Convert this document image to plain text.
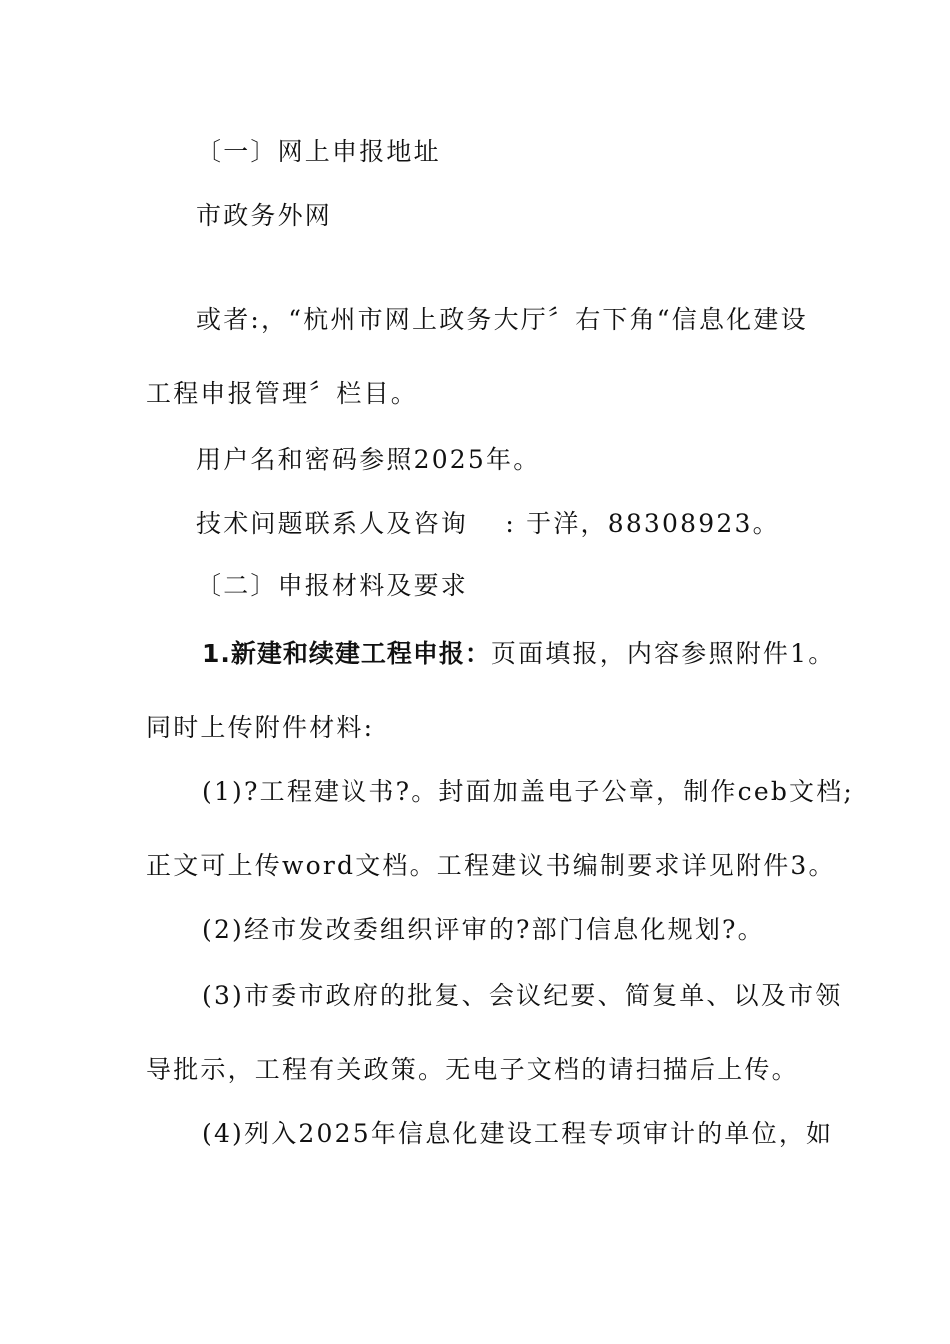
〔一〕网上申报地址
市政务外网
或者:，“杭州市网上政务大厅〞右下角“信息化建设
工程申报管理〞栏目。
用户名和密码参照2025年。
技术问题联系人及咨询　 : 于洋，88308923。
〔二〕申报材料及要求
1.新建和续建工程申报：页面填报，内容参照附件1。
同时上传附件材料:
(1)?工程建议书?。封面加盖电子公章，制作ceb文档;
正文可上传word文档。工程建议书编制要求详见附件3。
(2)经市发改委组织评审的?部门信息化规划?。
(3)市委市政府的批复、会议纪要、简复单、以及市领
导批示，工程有关政策。无电子文档的请扫描后上传。
(4)列入2025年信息化建设工程专项审计的单位，如
